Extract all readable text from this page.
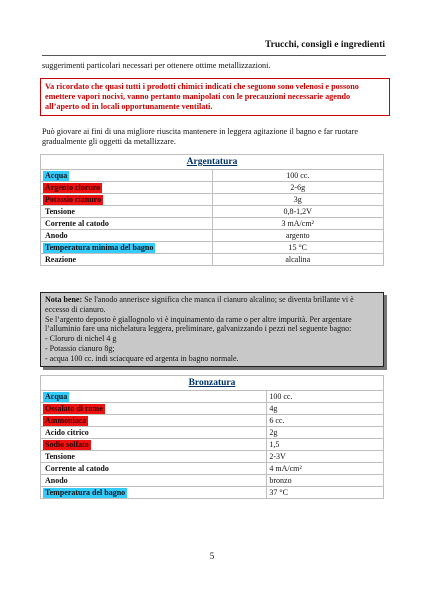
Trucchi, consigli e ingredienti
suggerimenti particolari necessari per ottenere ottime metallizzazioni.
Va ricordato che quasi tutti i prodotti chimici indicati che seguono sono velenosi e possono emettere vapori nocivi, vanno pertanto manipolati con le precauzioni necessarie agendo all’aperto od in locali opportunamente ventilati.
Può giovare ai fini di una migliore riuscita mantenere in leggera agitazione il bagno e far ruotare gradualmente gli oggetti da metallizzare.
Argentatura	
Acqua	100 cc.
Argento cloruro	2-6g
Potassio cianuro	3g
Tensione	0,8-1,2V
Corrente al catodo	3 mA/cm²
Anodo	argento
Temperatura minima del bagno	15 °C
Reazione	alcalina
Nota bene: Se l'anodo annerisce significa che manca il cianuro alcalino; se diventa brillante vi è eccesso di cianuro.
Se l’argento deposto è giallognolo vi è inquinamento da rame o per altre impurità. Per argentare l’alluminio fare una nichelatura leggera, preliminare, galvanizzando i pezzi nel seguente bagno:
- Cloruro di nichel 4 g
- Potassio cianuro 8g;
- acqua 100 cc. indi sciacquare ed argenta in bagno normale.
Bronzatura	
Acqua	100 cc.
Ossalato di rame	4g
Ammoniaca	6 cc.
Acido citrico	2g
Sodio solfato	1,5
Tensione	2-3V
Corrente al catodo	4 mA/cm²
Anodo	bronzo
Temperatura del bagno	37 °C
5
